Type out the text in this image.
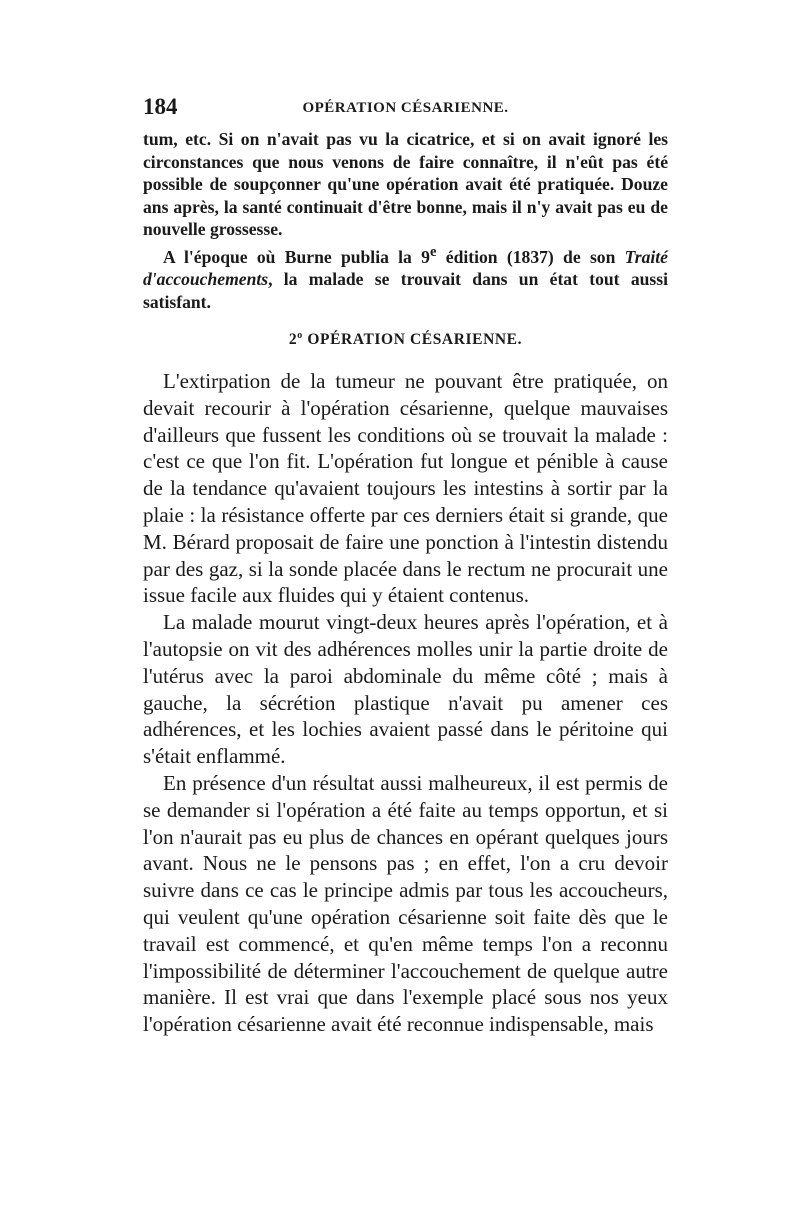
184	OPÉRATION CÉSARIENNE.

tum, etc. Si on n'avait pas vu la cicatrice, et si on avait ignoré les circonstances que nous venons de faire connaître, il n'eût pas été possible de soupçonner qu'une opération avait été pratiquée. Douze ans après, la santé continuait d'être bonne, mais il n'y avait pas eu de nouvelle grossesse.

A l'époque où Burne publia la 9e édition (1837) de son Traité d'accouchements, la malade se trouvait dans un état tout aussi satisfant.

2$^o$ OPÉRATION CÉSARIENNE.

L'extirpation de la tumeur ne pouvant être pratiquée, on devait recourir à l'opération césarienne, quelque mauvaises d'ailleurs que fussent les conditions où se trouvait la malade : c'est ce que l'on fit. L'opération fut longue et pénible à cause de la tendance qu'avaient toujours les intestins à sortir par la plaie : la résistance offerte par ces derniers était si grande, que M. Bérard proposait de faire une ponction à l'intestin distendu par des gaz, si la sonde placée dans le rectum ne procurait une issue facile aux fluides qui y étaient contenus.

La malade mourut vingt-deux heures après l'opération, et à l'autopsie on vit des adhérences molles unir la partie droite de l'utérus avec la paroi abdominale du même côté ; mais à gauche, la sécrétion plastique n'avait pu amener ces adhérences, et les lochies avaient passé dans le péritoine qui s'était enflammé.

En présence d'un résultat aussi malheureux, il est permis de se demander si l'opération a été faite au temps opportun, et si l'on n'aurait pas eu plus de chances en opérant quelques jours avant. Nous ne le pensons pas ; en effet, l'on a cru devoir suivre dans ce cas le principe admis par tous les accoucheurs, qui veulent qu'une opération césarienne soit faite dès que le travail est commencé, et qu'en même temps l'on a reconnu l'impossibilité de déterminer l'accouchement de quelque autre manière. Il est vrai que dans l'exemple placé sous nos yeux l'opération césarienne avait été reconnue indispensable, mais
